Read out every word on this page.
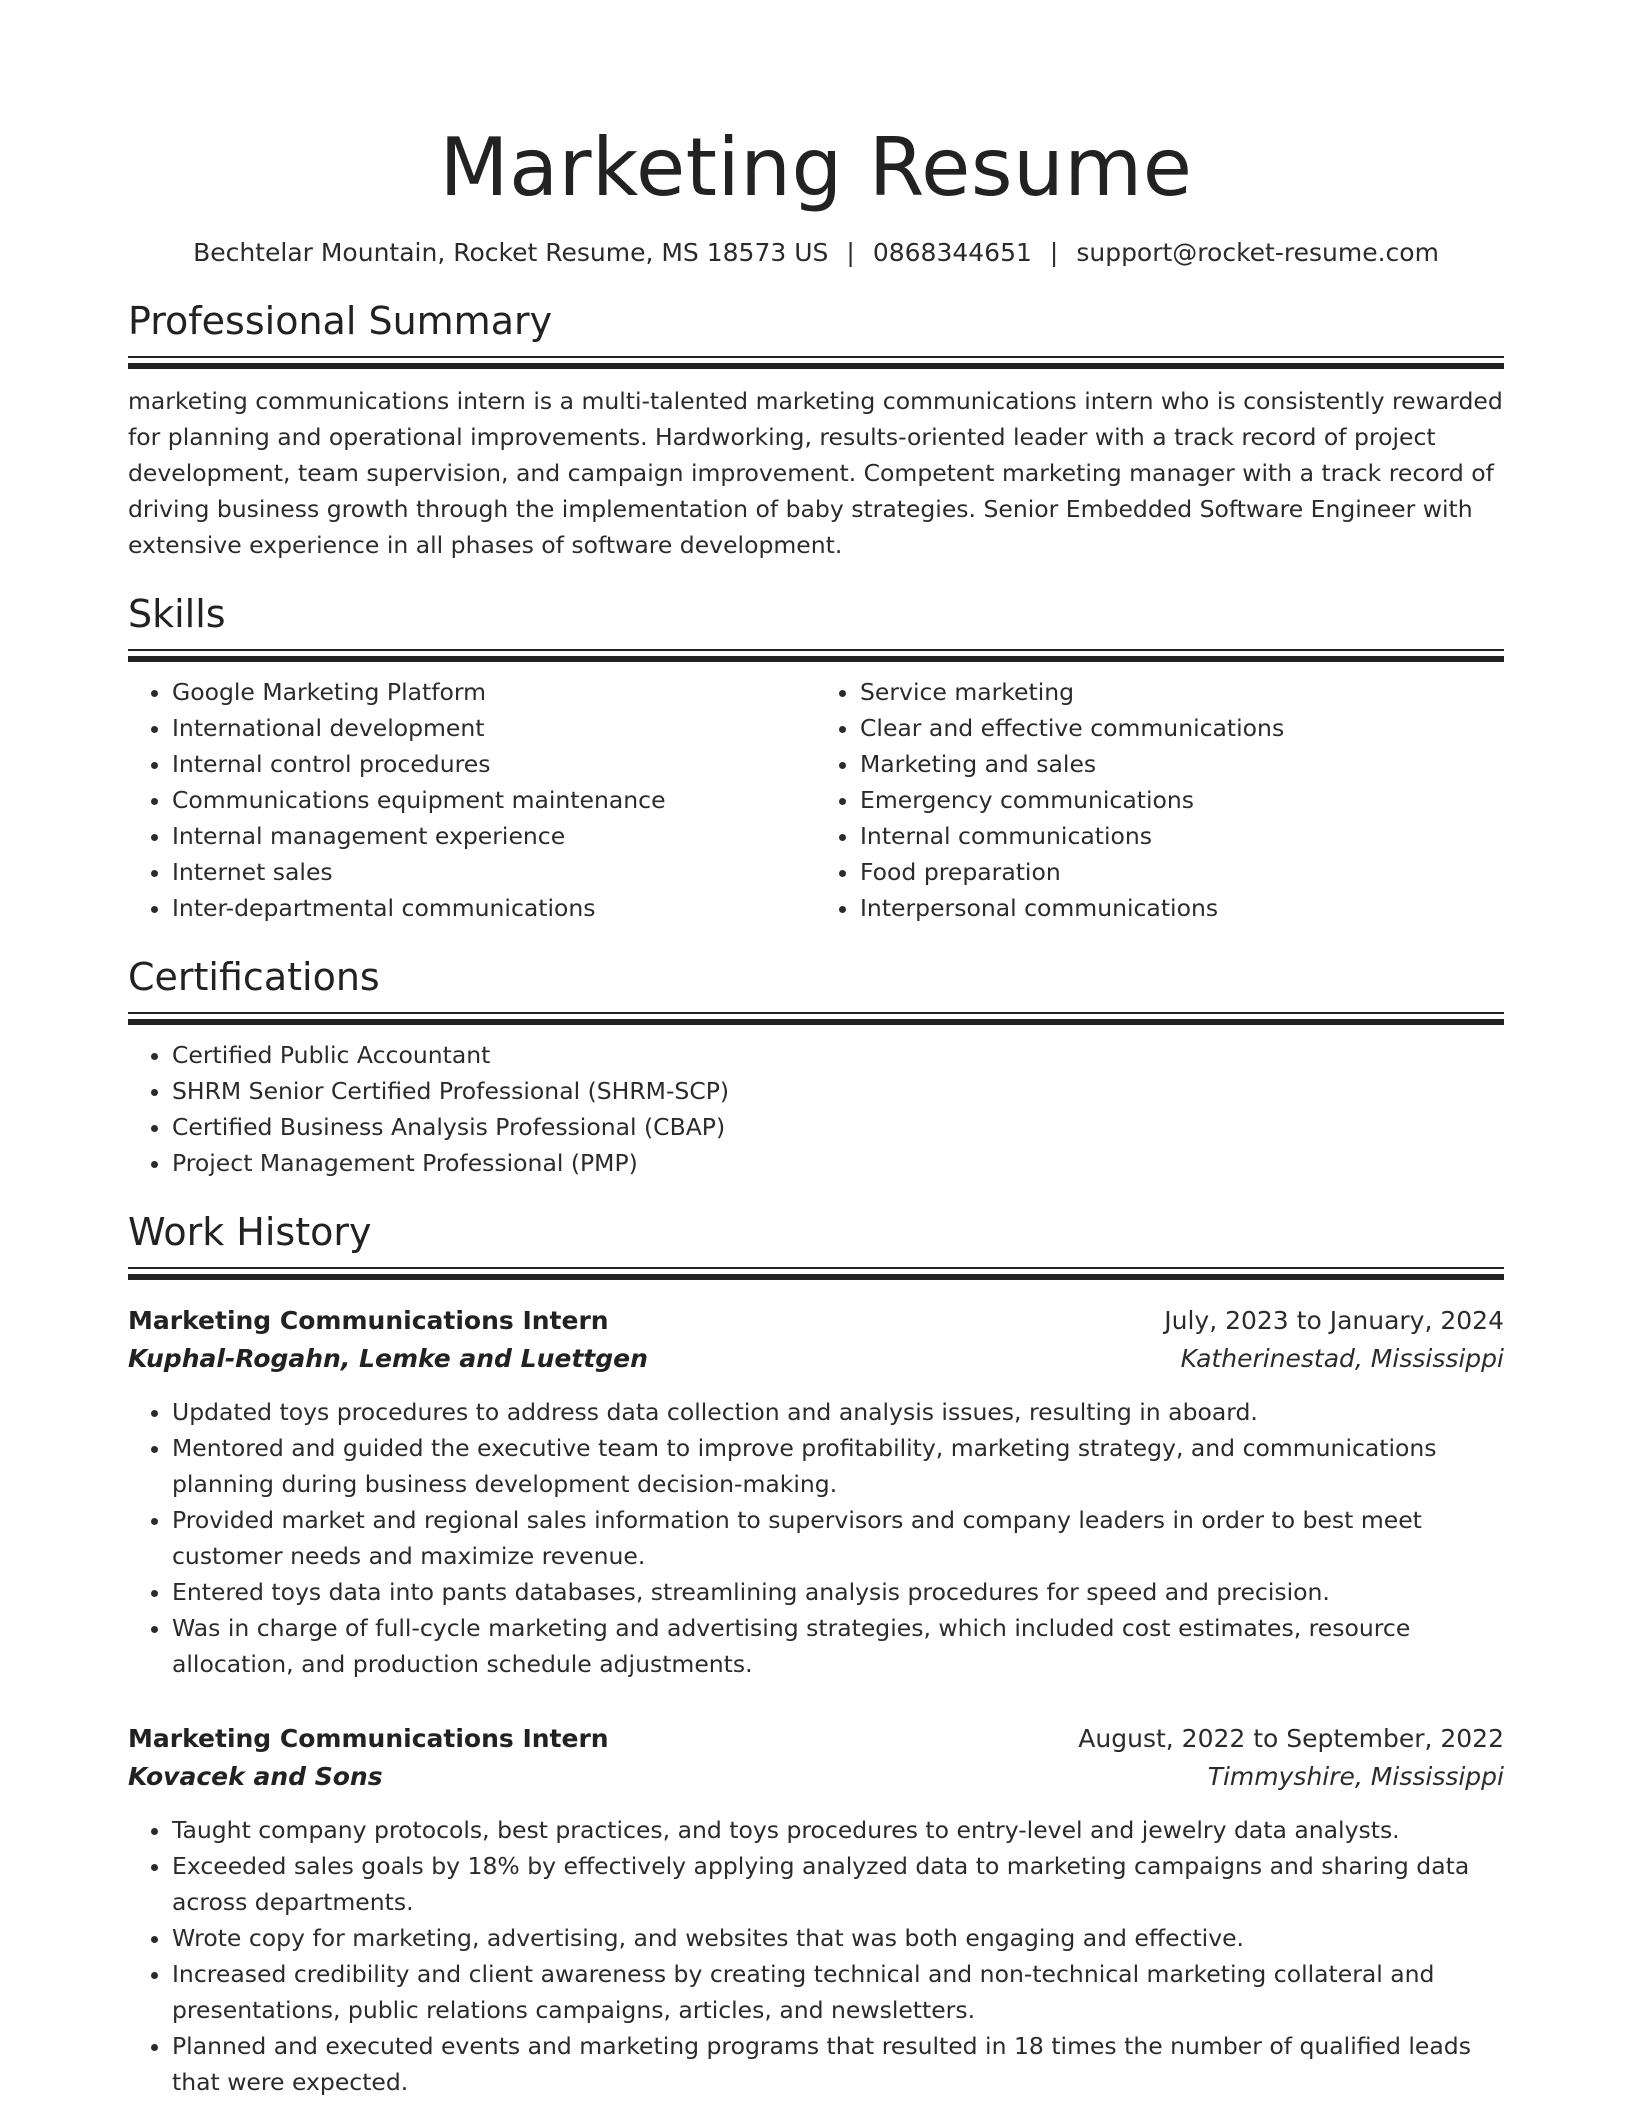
Marketing Resume
Bechtelar Mountain, Rocket Resume, MS 18573 US | 0868344651 | support@rocket-resume.com
Professional Summary

marketing communications intern is a multi-talented marketing communications intern who is consistently rewarded for planning and operational improvements. Hardworking, results-oriented leader with a track record of project development, team supervision, and campaign improvement. Competent marketing manager with a track record of driving business growth through the implementation of baby strategies. Senior Embedded Software Engineer with extensive experience in all phases of software development.

Skills
• Google Marketing Platform
• International development
• Internal control procedures
• Communications equipment maintenance
• Internal management experience
• Internet sales
• Inter-departmental communications
• Service marketing
• Clear and effective communications
• Marketing and sales
• Emergency communications
• Internal communications
• Food preparation
• Interpersonal communications
Certifications
• Certified Public Accountant
• SHRM Senior Certified Professional (SHRM-SCP)
• Certified Business Analysis Professional (CBAP)
• Project Management Professional (PMP)
Work History
Marketing Communications Intern	July, 2023 to January, 2024
Kuphal-Rogahn, Lemke and Luettgen	Katherinestad, Mississippi
• Updated toys procedures to address data collection and analysis issues, resulting in aboard.
• Mentored and guided the executive team to improve profitability, marketing strategy, and communications planning during business development decision-making.
• Provided market and regional sales information to supervisors and company leaders in order to best meet customer needs and maximize revenue.
• Entered toys data into pants databases, streamlining analysis procedures for speed and precision.
• Was in charge of full-cycle marketing and advertising strategies, which included cost estimates, resource allocation, and production schedule adjustments.
Marketing Communications Intern	August, 2022 to September, 2022
Kovacek and Sons	Timmyshire, Mississippi
• Taught company protocols, best practices, and toys procedures to entry-level and jewelry data analysts.
• Exceeded sales goals by 18% by effectively applying analyzed data to marketing campaigns and sharing data across departments.
• Wrote copy for marketing, advertising, and websites that was both engaging and effective.
• Increased credibility and client awareness by creating technical and non-technical marketing collateral and presentations, public relations campaigns, articles, and newsletters.
• Planned and executed events and marketing programs that resulted in 18 times the number of qualified leads that were expected.
